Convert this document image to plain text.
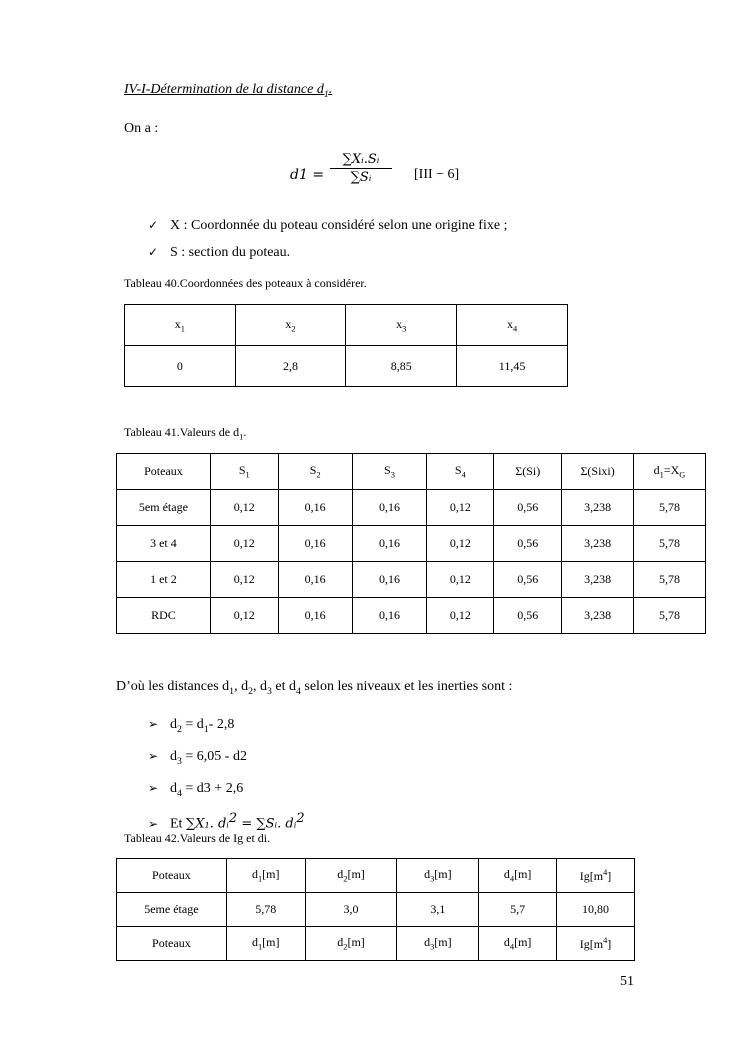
IV-I-Détermination de la distance $d_1$.
On a :
$d1 = \frac{\text{∑Xᵢ.Sᵢ}}{\text{∑Sᵢ}} [III - 6]$
✓ X : Coordonnée du poteau considéré selon une origine fixe ;
✓ S : section du poteau.
Tableau 40.Coordonnées des poteaux à considérer.
$x_1$	$x_2$	$x_3$	$x_4$
0	2,8	8,85	11,45
Tableau 41.Valeurs de $d_1$.
Poteaux	$S_1$	$S_2$	$S_3$	$S_4$	Σ(Si)	Σ(Sixi)	$d_1=X_G$
5em étage	0,12	0,16	0,16	0,12	0,56	3,238	5,78
3 et 4	0,12	0,16	0,16	0,12	0,56	3,238	5,78
1 et 2	0,12	0,16	0,16	0,12	0,56	3,238	5,78
RDC	0,12	0,16	0,16	0,12	0,56	3,238	5,78
D’où les distances $d_1$, $d_2$, $d_3$ et $d_4$ selon les niveaux et les inerties sont :
➢ $d_2 = d_1-$ 2,8
➢ $d_3 = 6,05 - d2$
➢ $d_4 = d3 + 2,6$
➢ Et ∑X₁. dᵢ$^2$ = ∑Sᵢ. dᵢ$^2$
Tableau 42.Valeurs de Ig et di.
Poteaux	$d_1[m]$	$d_2[m]$	$d_3[m]$	$d_4[m]$	$Ig[m^4]$
5eme étage	5,78	3,0	3,1	5,7	10,80
Poteaux	$d_1[m]$	$d_2[m]$	$d_3[m]$	$d_4[m]$	$Ig[m^4]$
51
